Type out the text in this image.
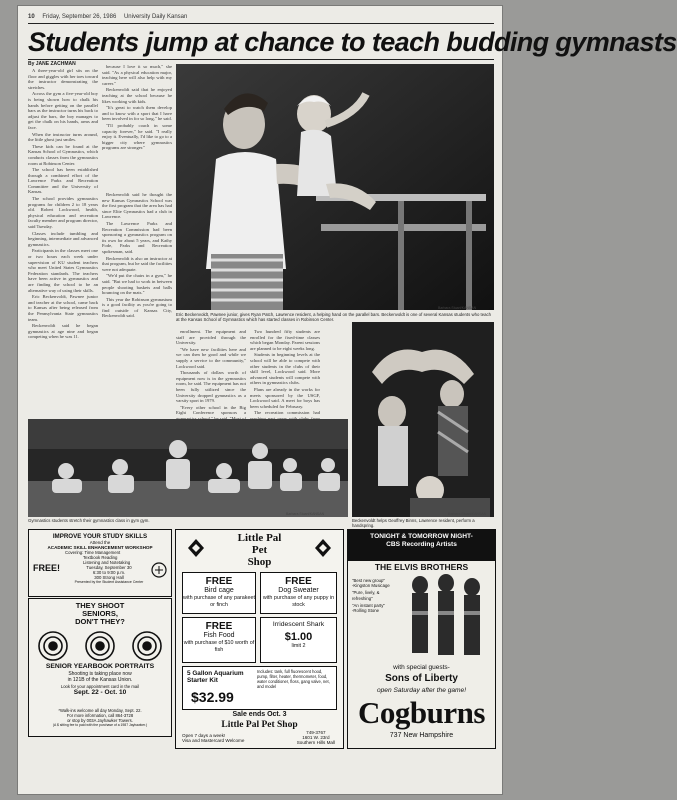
10 Friday, September 26, 1986 University Daily Kansan
Students jump at chance to teach budding gymnasts
By JANE ZACHMAN

A three-year-old girl sits on the floor and giggles with her toes toward the instructor demonstrating the stretches.

Across the gym a five-year-old boy is being shown how to chalk his hands before getting on the parallel bars as the instructor turns his back to adjust the bars, the boy manages to get the chalk on his hands, arms and face.

When the instructor turns around, the little ghost just smiles.

These kids can be found at the Kansas School of Gymnastics, which conducts classes from the gymnastics room at Robinson Center.

The school has been established through a combined effort of the Lawrence Parks and Recreation Committee and the University of Kansas.

The school provides gymnastics programs for children 2 to 18 years old. Robert Lockwood, health, physical education and recreation faculty member and program director, said Tuesday.

Classes include tumbling and beginning, intermediate and advanced gymnastics.

Participants in the classes meet one or two hours each week under supervision of KU student teachers who meet United States Gymnastics Federation standards. The teachers have been active in gymnastics and are finding the school to be an alternative way of using their skills.

Eric Beckenvoldt, Pawnee junior and teacher at the school, came back to Kansas after being released from the Pennsylvania State gymnastics team.

Beckenvoldt said he began gymnastics at age nine and began competing when he was 11.

because I love it so much," she said. "As a physical education major, teaching here will also help with my career."

Beckenvoldt said that he enjoyed teaching at the school because he likes working with kids.

"It's great to watch them develop and to know with a sport that I have been involved in for so long," he said.

"I'll probably coach in some capacity forever," he said. "I really enjoy it. Eventually, I'd like to go to a bigger city where gymnastics programs are stronger."

Eric Beckenvoldt, Pawnee junior, gives Ryan Patch, Lawrence resident, a helping hand on the parallel bars. Beckenvoldt is one of several Kansas students who teach at the Kansas School of Gymnastics which has started classes in Robinson Center.
Barbara Stuart/KANSAN

Beckenvoldt said he thought the new Kansas Gymnastics School was the first program that the area has had since Elite Gymnastics had a club in Lawrence.

The Lawrence Parks and Recreation Commission had been sponsoring a gymnastics program on its own for about 5 years, and Kathy Fode, Parks and Recreation spokesman, said.

Beckenvoldt is also an instructor at that program, but he said the facilities were not adequate.

"We'd put the chairs in a gym," he said. "But we had to work in between people shooting baskets and balls bouncing on the mats."

This year the Robinson gymnasium is a good facility as you're going to find outside of Kansas City, Beckenvoldt said.

enrollment. The equipment and staff are provided through the University.

"We have new facilities here and we can then be good and while we supply a service to the community," Lockwood said.

Thousands of dollars worth of equipment now is in the gymnastics room, he said. The equipment has not been fully utilized since the University dropped gymnastics as a varsity sport in 1979.

"Every other school in the Big Eight Conference sponsors a

Two hundred fifty students are enrolled for the fixed-time classes which began Monday. Parent sessions are planned to be eight weeks long.

Students in beginning levels at the school will be able to compete with other students in the clubs of their skill level, Lockwood said. More advanced students will compete with others in gymnastics clubs.

Plans are already in the works for meets sponsored by the USGF, Lockwood said. A meet for boys has been scheduled for February.

The recreation commission had

Gymnastics students stretch their gymnastics class in gym gym.
Barbara Stuart/KANSAN
Beckenvoldt helps Geoffrey Binns, Lawrence resident, perform a handspring.
Barbara Stuart/KANSAN
IMPROVE YOUR STUDY SKILLS
Attend the
ACADEMIC SKILL ENHANCEMENT WORKSHOP
FREE!
Covering: Time Management
Textbook Reading
Listening and Notetaking
Tuesday, September 30
6:30 to 9:00 p.m.
300 Strong Hall
Presented by the Student Assistance Center
THEY SHOOT
SENIORS,
DON'T THEY?
SENIOR YEARBOOK PORTRAITS
Shooting is taking place now
in 121B of the Kansas Union.
Look for your appointment card in the mail
Sept. 22 - Oct. 10
*Walk-ins welcome all day Monday, Sept. 22.
For more information, call 864-3728
or stop by 003A Jayhawker Towers.
(A $ sitting fee to paid with the purchase of a 1987 Jayhawker.)
Little Pal
Pet
Shop
FREE
Bird cage
with purchase of any parakeet or finch
FREE
Dog Sweater
with purchase of any puppy in stock
FREE
Fish Food
with purchase of $10 worth of fish
Irridescent Shark
$1.00
limit 2
5 Gallon Aquarium Starter Kit
$32.99
Includes: tank, full fluorescent hood, pump, filter, heater, thermometer, food, water conditioner, floss, gang valve, net, and model
Sale ends Oct. 3
Little Pal Pet Shop
Open 7 days a week!
Visa and Mastercard Welcome
749-3767
1601 W. 23rd
Southern Hills Mall
TONIGHT & TOMORROW NIGHT-
CBS Recording Artists
THE ELVIS BROTHERS
"Best new group"
-Kingston Musicage
"Pure, lively, & refreshing"
"An instant party"
-Rolling Stone
with special guests-
Sons of Liberty
open Saturday after the game!
Cogburns
737 New Hampshire
